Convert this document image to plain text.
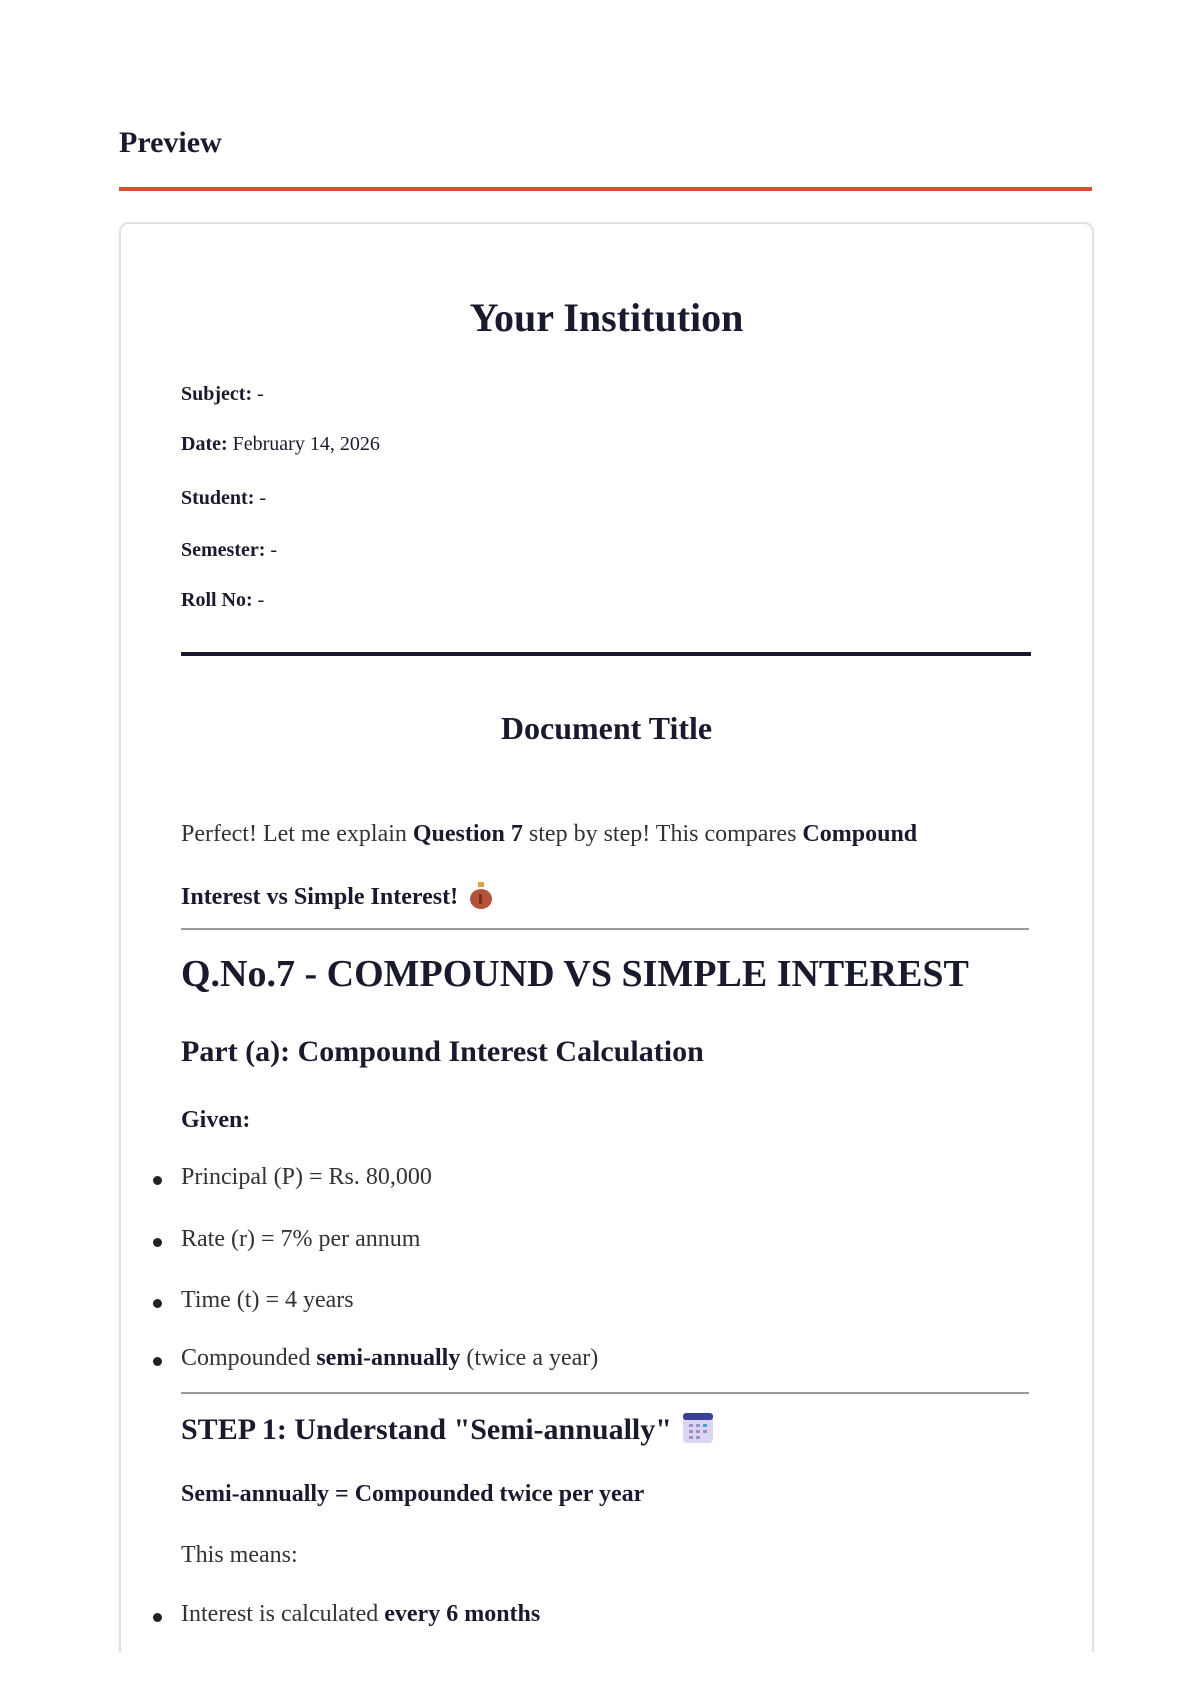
Preview
Your Institution
Subject: -
Date: February 14, 2026
Student: -
Semester: -
Roll No: -
Document Title
Perfect! Let me explain Question 7 step by step! This compares Compound
Interest vs Simple Interest!
Q.No.7 - COMPOUND VS SIMPLE INTEREST
Part (a): Compound Interest Calculation
Given:
Principal (P) = Rs. 80,000
Rate (r) = 7% per annum
Time (t) = 4 years
Compounded semi-annually (twice a year)
STEP 1: Understand "Semi-annually"
Semi-annually = Compounded twice per year
This means:
Interest is calculated every 6 months
